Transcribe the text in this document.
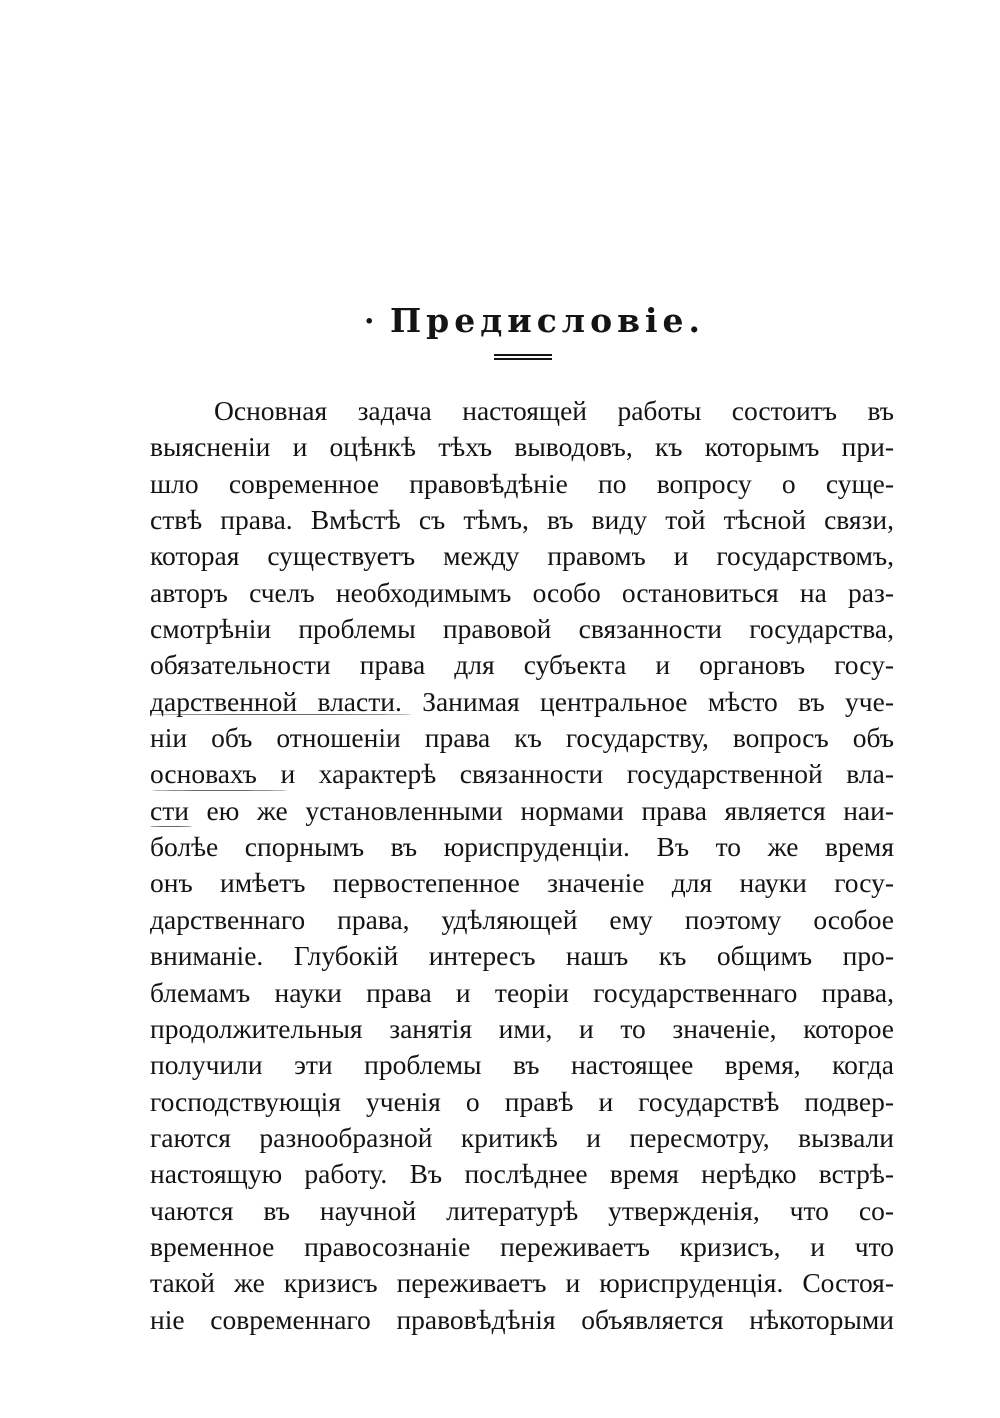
· Предисловіе.
Основная задача настоящей работы состоитъ въ
выясненіи и оцѣнкѣ тѣхъ выводовъ, къ которымъ при-
шло современное правовѣдѣніе по вопросу о суще-
ствѣ права. Вмѣстѣ съ тѣмъ, въ виду той тѣсной связи,
которая существуетъ между правомъ и государствомъ,
авторъ счелъ необходимымъ особо остановиться на раз-
смотрѣніи проблемы правовой связанности государства,
обязательности права для субъекта и органовъ госу-
дарственной власти. Занимая центральное мѣсто въ уче-
ніи объ отношеніи права къ государству, вопросъ объ
основахъ и характерѣ связанности государственной вла-
сти ею же установленными нормами права является наи-
болѣе спорнымъ въ юриспруденціи. Въ то же время
онъ имѣетъ первостепенное значеніе для науки госу-
дарственнаго права, удѣляющей ему поэтому особое
вниманіе. Глубокій интересъ нашъ къ общимъ про-
блемамъ науки права и теоріи государственнаго права,
продолжительныя занятія ими, и то значеніе, которое
получили эти проблемы въ настоящее время, когда
господствующія ученія о правѣ и государствѣ подвер-
гаются разнообразной критикѣ и пересмотру, вызвали
настоящую работу. Въ послѣднее время нерѣдко встрѣ-
чаются въ научной литературѣ утвержденія, что со-
временное правосознаніе переживаетъ кризисъ, и что
такой же кризисъ переживаетъ и юриспруденція. Состоя-
ніе современнаго правовѣдѣнія объявляется нѣкоторыми
